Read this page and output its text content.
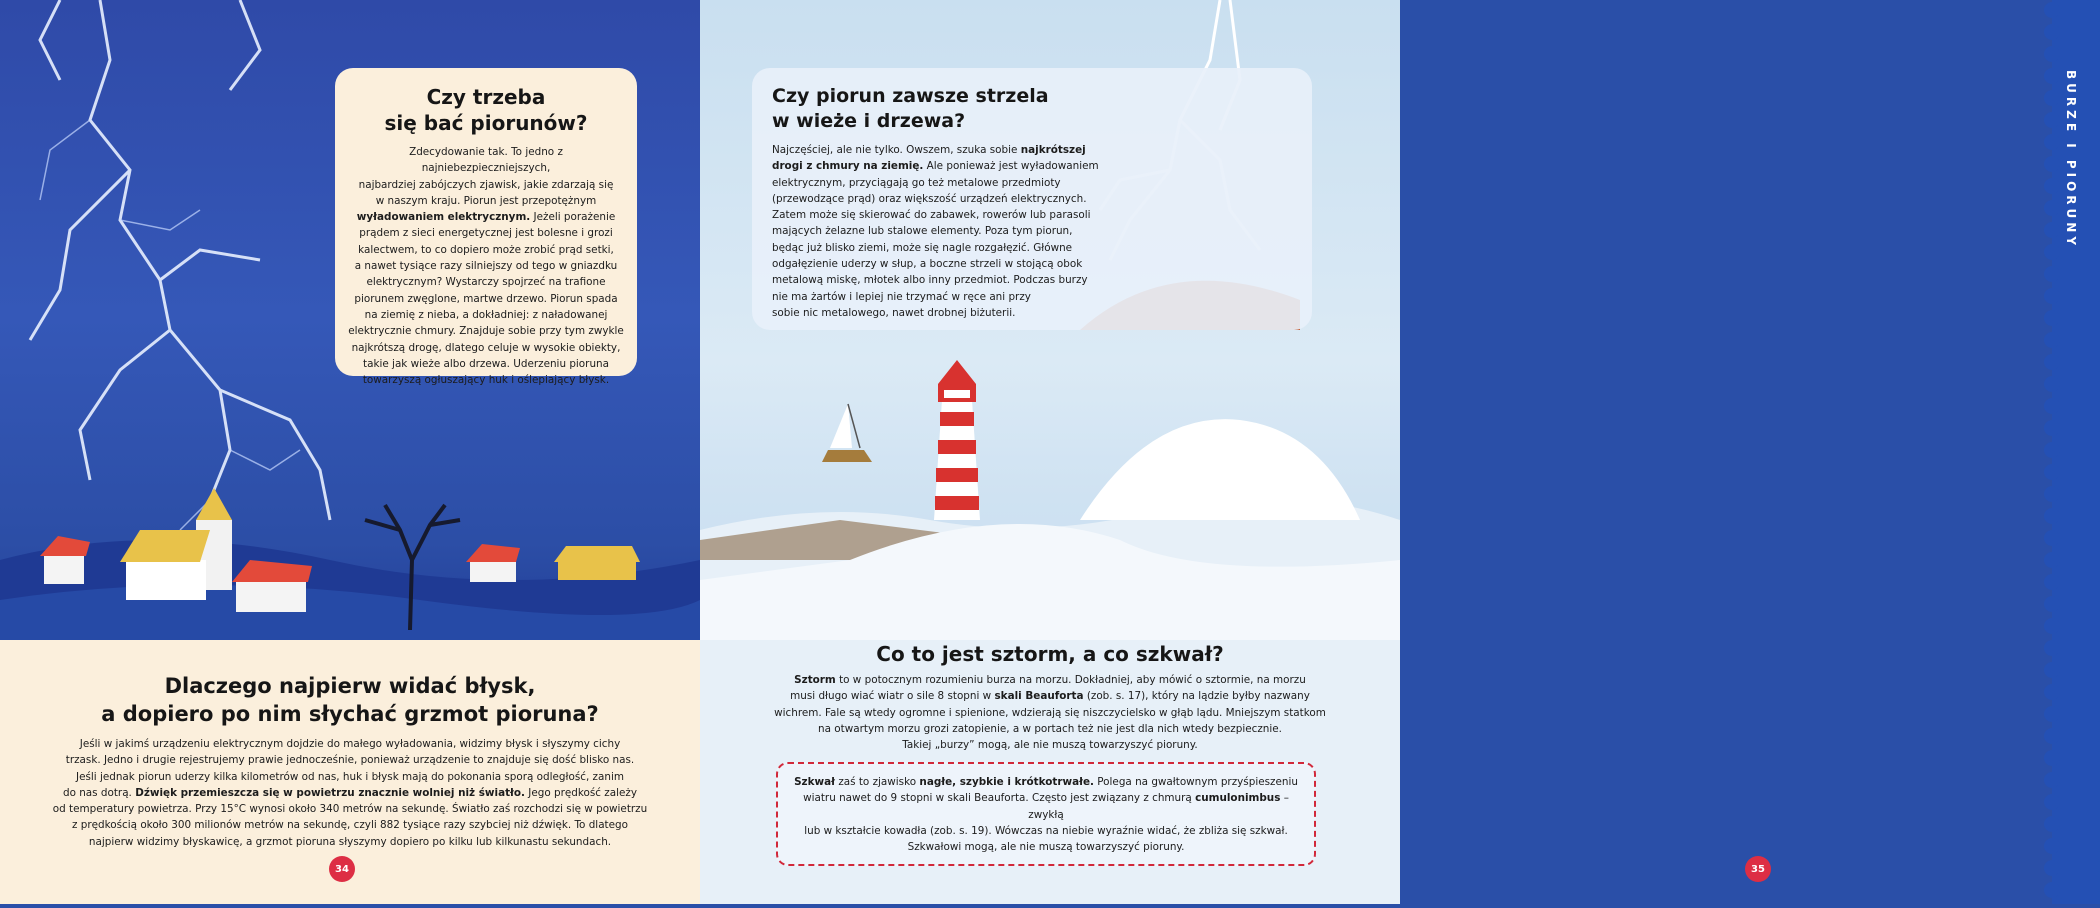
Czy trzeba
się bać piorunów?
Zdecydowanie tak. To jedno z najniebezpieczniejszych,
najbardziej zabójczych zjawisk, jakie zdarzają się
w naszym kraju. Piorun jest przepotężnym
wyładowaniem elektrycznym. Jeżeli porażenie
prądem z sieci energetycznej jest bolesne i grozi
kalectwem, to co dopiero może zrobić prąd setki,
a nawet tysiące razy silniejszy od tego w gniazdku
elektrycznym? Wystarczy spojrzeć na trafione
piorunem zwęglone, martwe drzewo. Piorun spada
na ziemię z nieba, a dokładniej: z naładowanej
elektrycznie chmury. Znajduje sobie przy tym zwykle
najkrótszą drogę, dlatego celuje w wysokie obiekty,
takie jak wieże albo drzewa. Uderzeniu pioruna
towarzyszą ogłuszający huk i oślepiający błysk.
Dlaczego najpierw widać błysk,
a dopiero po nim słychać grzmot pioruna?
Jeśli w jakimś urządzeniu elektrycznym dojdzie do małego wyładowania, widzimy błysk i słyszymy cichy
trzask. Jedno i drugie rejestrujemy prawie jednocześnie, ponieważ urządzenie to znajduje się dość blisko nas.
Jeśli jednak piorun uderzy kilka kilometrów od nas, huk i błysk mają do pokonania sporą odległość, zanim
do nas dotrą. Dźwięk przemieszcza się w powietrzu znacznie wolniej niż światło. Jego prędkość zależy
od temperatury powietrza. Przy 15°C wynosi około 340 metrów na sekundę. Światło zaś rozchodzi się w powietrzu
z prędkością około 300 milionów metrów na sekundę, czyli 882 tysiące razy szybciej niż dźwięk. To dlatego
najpierw widzimy błyskawicę, a grzmot pioruna słyszymy dopiero po kilku lub kilkunastu sekundach.
34
BURZE I PIORUNY
35
Czy piorun zawsze strzela
w wieże i drzewa?
Najczęściej, ale nie tylko. Owszem, szuka sobie najkrótszej
drogi z chmury na ziemię. Ale ponieważ jest wyładowaniem
elektrycznym, przyciągają go też metalowe przedmioty
(przewodzące prąd) oraz większość urządzeń elektrycznych.
Zatem może się skierować do zabawek, rowerów lub parasoli
mających żelazne lub stalowe elementy. Poza tym piorun,
będąc już blisko ziemi, może się nagle rozgałęzić. Główne
odgałęzienie uderzy w słup, a boczne strzeli w stojącą obok
metalową miskę, młotek albo inny przedmiot. Podczas burzy
nie ma żartów i lepiej nie trzymać w ręce ani przy
sobie nic metalowego, nawet drobnej biżuterii.
Co to jest sztorm, a co szkwał?
Sztorm to w potocznym rozumieniu burza na morzu. Dokładniej, aby mówić o sztormie, na morzu
musi długo wiać wiatr o sile 8 stopni w skali Beauforta (zob. s. 17), który na lądzie byłby nazwany
wichrem. Fale są wtedy ogromne i spienione, wdzierają się niszczycielsko w głąb lądu. Mniejszym statkom
na otwartym morzu grozi zatopienie, a w portach też nie jest dla nich wtedy bezpiecznie.
Takiej „burzy” mogą, ale nie muszą towarzyszyć pioruny.
Szkwał zaś to zjawisko nagłe, szybkie i krótkotrwałe. Polega na gwałtownym przyśpieszeniu
wiatru nawet do 9 stopni w skali Beauforta. Często jest związany z chmurą cumulonimbus – zwykłą
lub w kształcie kowadła (zob. s. 19). Wówczas na niebie wyraźnie widać, że zbliża się szkwał.
Szkwałowi mogą, ale nie muszą towarzyszyć pioruny.
